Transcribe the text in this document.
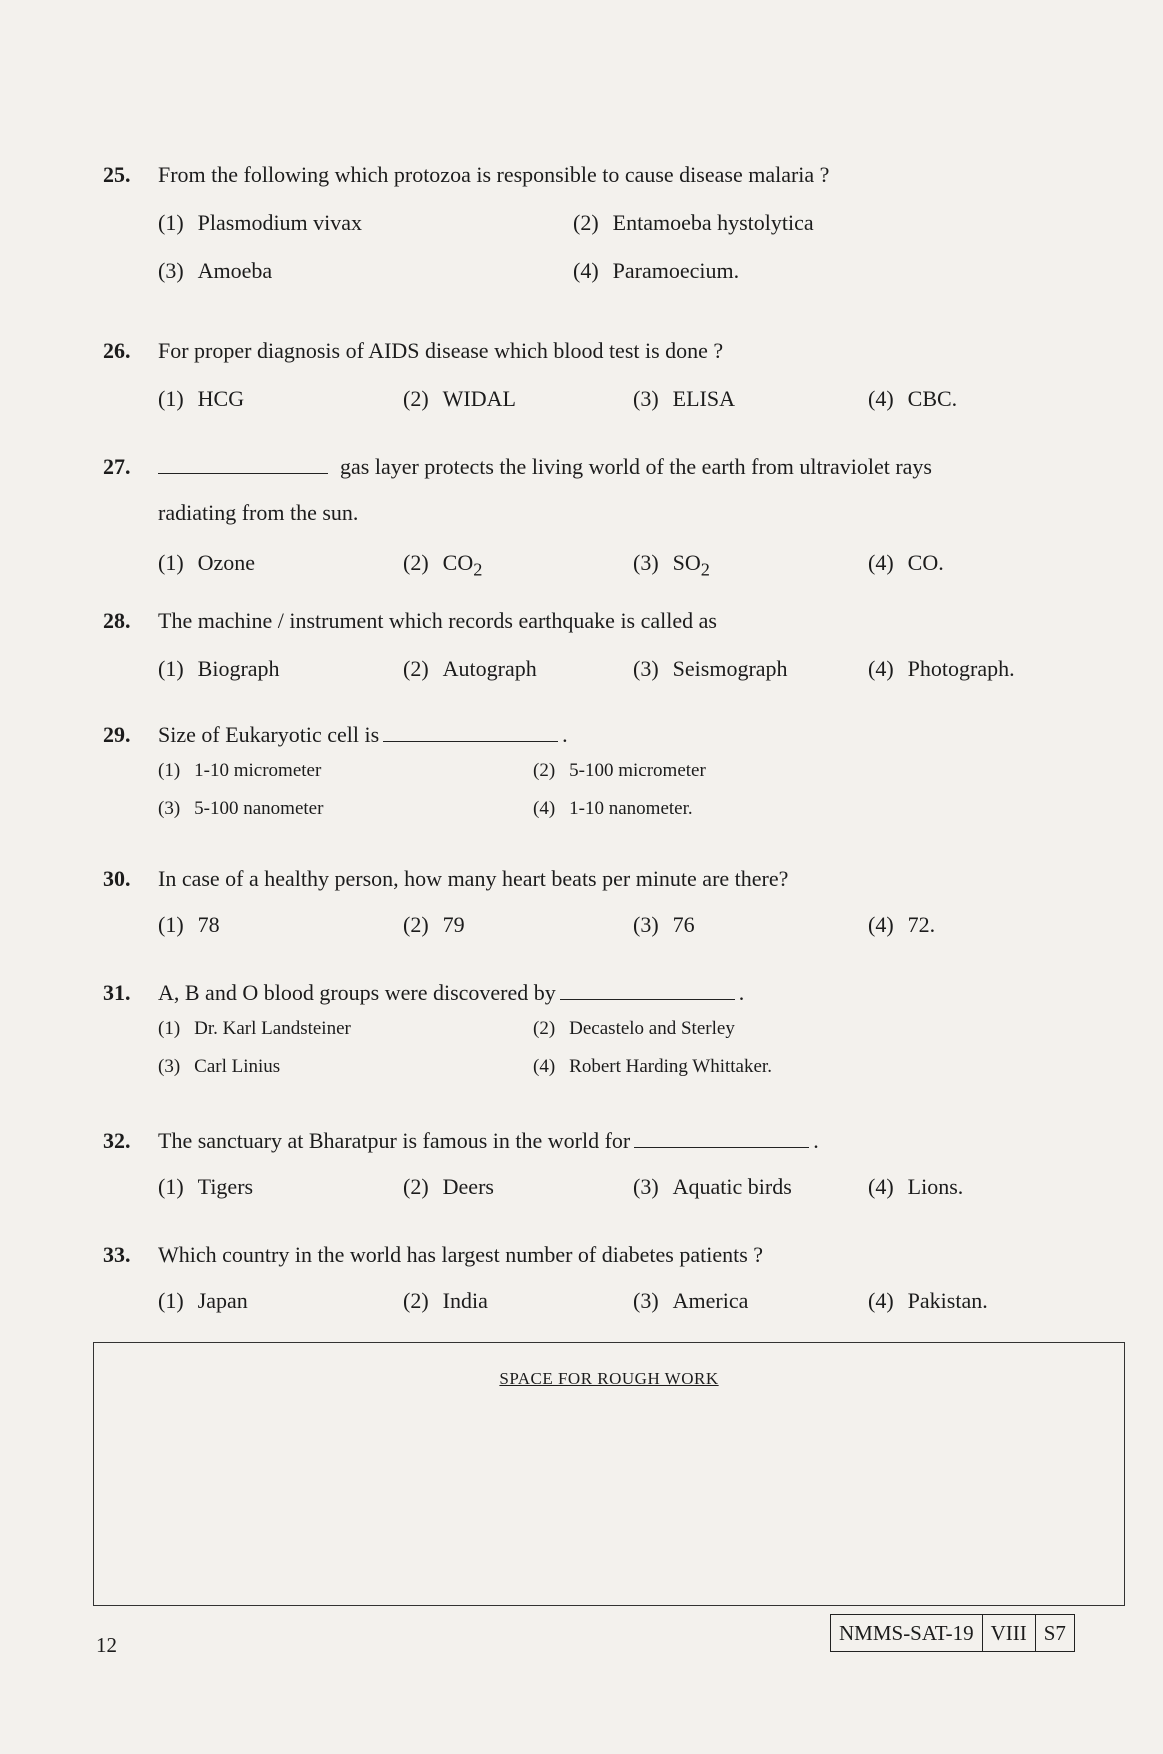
25. From the following which protozoa is responsible to cause disease malaria ?
(1) Plasmodium vivax	(2) Entamoeba hystolytica
(3) Amoeba	(4) Paramoecium.
26. For proper diagnosis of AIDS disease which blood test is done ?
(1) HCG	(2) WIDAL	(3) ELISA	(4) CBC.
27.	gas layer protects the living world of the earth from ultraviolet rays
radiating from the sun.
(1) Ozone	(2) $CO_2$	(3) $SO_2$	(4) CO.
28. The machine / instrument which records earthquake is called as
(1) Biograph	(2) Autograph	(3) Seismograph	(4) Photograph.
29. Size of Eukaryotic cell is	.
(1) 1-10 micrometer	(2) 5-100 micrometer
(3) 5-100 nanometer	(4) 1-10 nanometer.
30. In case of a healthy person, how many heart beats per minute are there?
(1) 78	(2) 79	(3) 76	(4) 72.
31. A, B and O blood groups were discovered by	.
(1) Dr. Karl Landsteiner	(2) Decastelo and Sterley
(3) Carl Linius	(4) Robert Harding Whittaker.
32. The sanctuary at Bharatpur is famous in the world for	.
(1) Tigers	(2) Deers	(3) Aquatic birds	(4) Lions.
33. Which country in the world has largest number of diabetes patients ?
(1) Japan	(2) India	(3) America	(4) Pakistan.
SPACE FOR ROUGH WORK
12	NMMS-SAT-19 VIII S7
